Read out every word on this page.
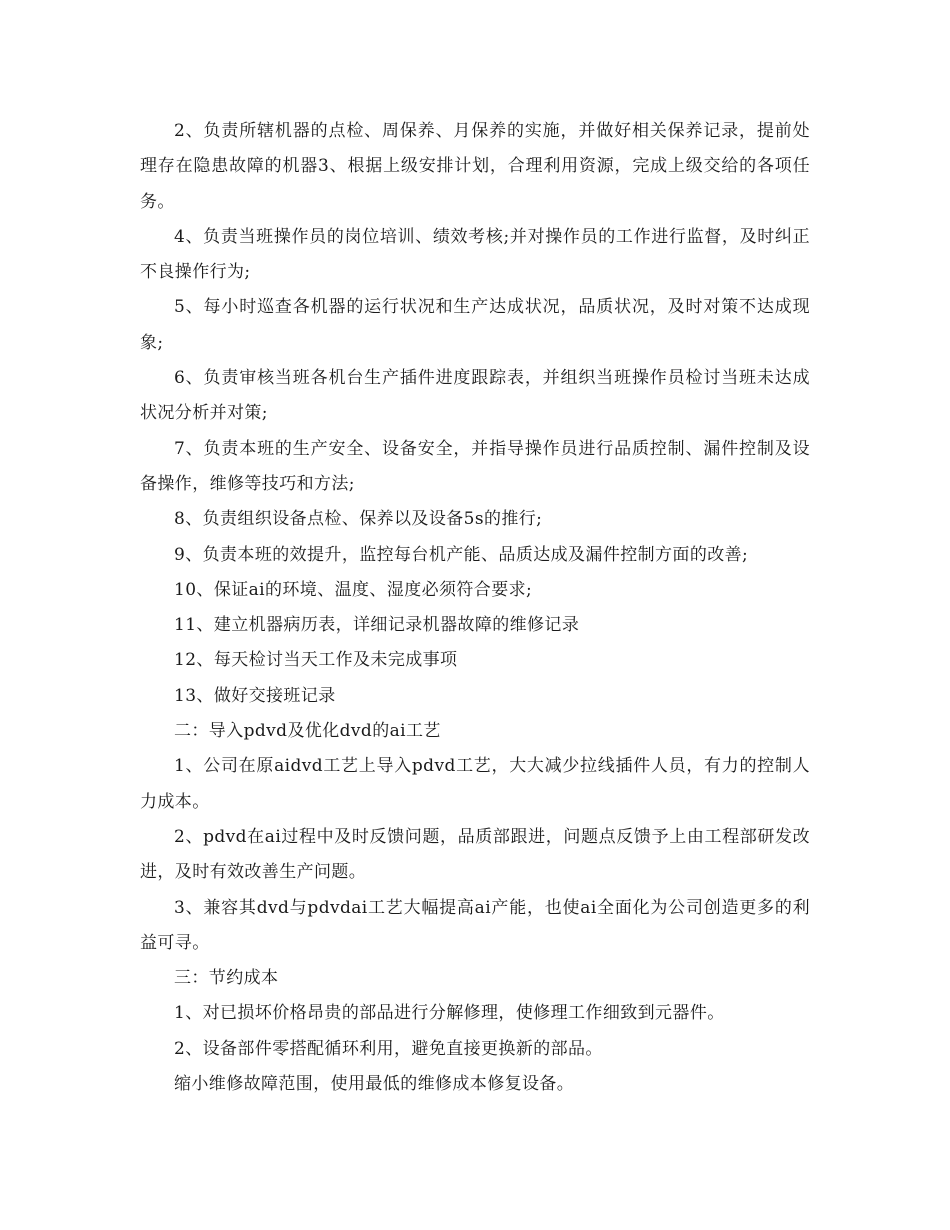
2、负责所辖机器的点检、周保养、月保养的实施，并做好相关保养记录，提前处理存在隐患故障的机器3、根据上级安排计划，合理利用资源，完成上级交给的各项任务。

4、负责当班操作员的岗位培训、绩效考核;并对操作员的工作进行监督，及时纠正不良操作行为;

5、每小时巡查各机器的运行状况和生产达成状况，品质状况，及时对策不达成现象;

6、负责审核当班各机台生产插件进度跟踪表，并组织当班操作员检讨当班未达成状况分析并对策;

7、负责本班的生产安全、设备安全，并指导操作员进行品质控制、漏件控制及设备操作，维修等技巧和方法;

8、负责组织设备点检、保养以及设备5s的推行;

9、负责本班的效提升，监控每台机产能、品质达成及漏件控制方面的改善;

10、保证ai的环境、温度、湿度必须符合要求;

11、建立机器病历表，详细记录机器故障的维修记录

12、每天检讨当天工作及未完成事项

13、做好交接班记录

二：导入pdvd及优化dvd的ai工艺

1、公司在原aidvd工艺上导入pdvd工艺，大大减少拉线插件人员，有力的控制人力成本。

2、pdvd在ai过程中及时反馈问题，品质部跟进，问题点反馈予上由工程部研发改进，及时有效改善生产问题。

3、兼容其dvd与pdvdai工艺大幅提高ai产能，也使ai全面化为公司创造更多的利益可寻。

三：节约成本

1、对已损坏价格昂贵的部品进行分解修理，使修理工作细致到元器件。

2、设备部件零搭配循环利用，避免直接更换新的部品。

缩小维修故障范围，使用最低的维修成本修复设备。
